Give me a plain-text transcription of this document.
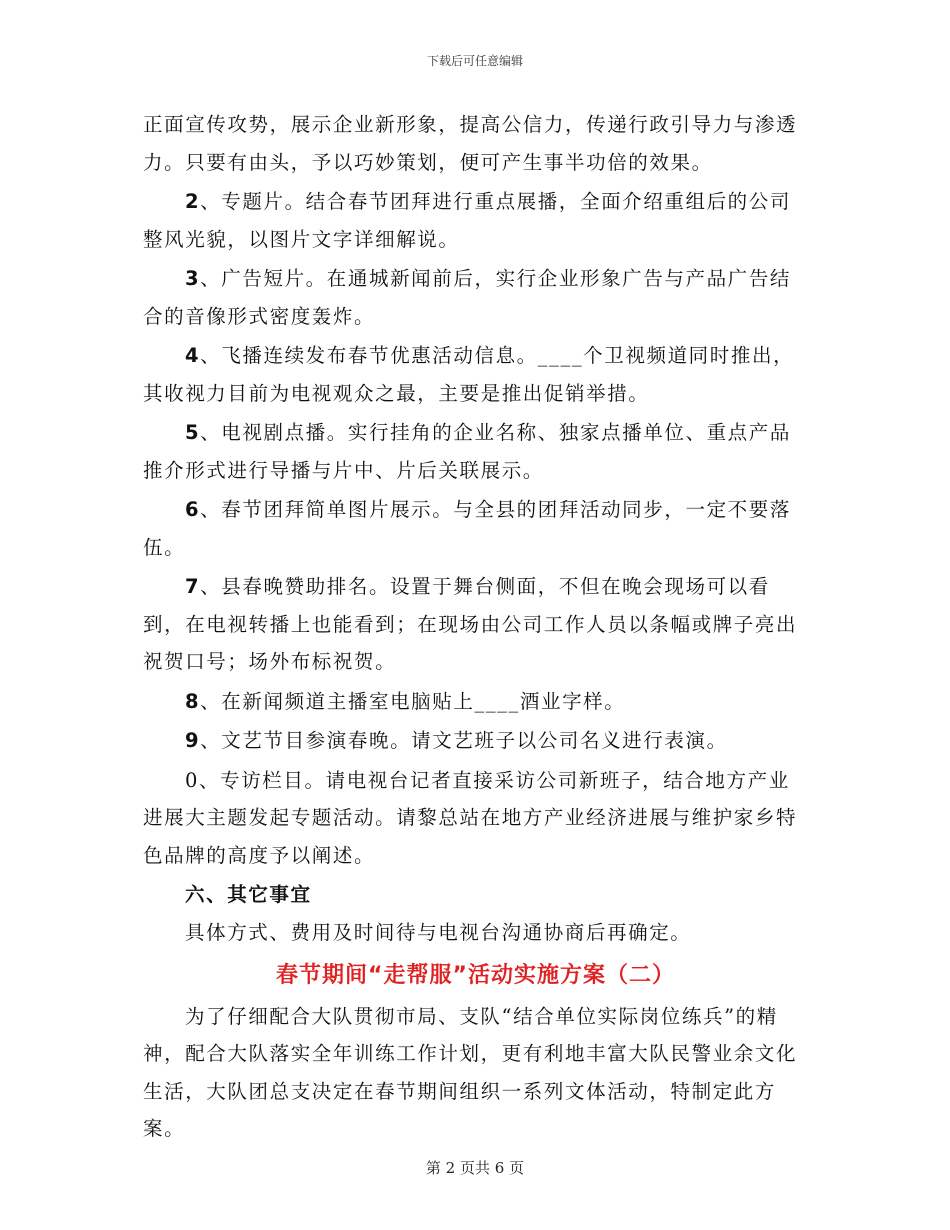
下载后可任意编辑

正面宣传攻势，展示企业新形象，提高公信力，传递行政引导力与渗透力。只要有由头，予以巧妙策划，便可产生事半功倍的效果。

2、专题片。结合春节团拜进行重点展播，全面介绍重组后的公司整风光貌，以图片文字详细解说。

3、广告短片。在通城新闻前后，实行企业形象广告与产品广告结合的音像形式密度轰炸。

4、飞播连续发布春节优惠活动信息。____个卫视频道同时推出，其收视力目前为电视观众之最，主要是推出促销举措。

5、电视剧点播。实行挂角的企业名称、独家点播单位、重点产品推介形式进行导播与片中、片后关联展示。

6、春节团拜简单图片展示。与全县的团拜活动同步，一定不要落伍。

7、县春晚赞助排名。设置于舞台侧面，不但在晚会现场可以看到，在电视转播上也能看到；在现场由公司工作人员以条幅或牌子亮出祝贺口号；场外布标祝贺。

8、在新闻频道主播室电脑贴上____酒业字样。

9、文艺节目参演春晚。请文艺班子以公司名义进行表演。

0、专访栏目。请电视台记者直接采访公司新班子，结合地方产业进展大主题发起专题活动。请黎总站在地方产业经济进展与维护家乡特色品牌的高度予以阐述。

六、其它事宜

具体方式、费用及时间待与电视台沟通协商后再确定。

春节期间“走帮服”活动实施方案（二）

为了仔细配合大队贯彻市局、支队“结合单位实际岗位练兵”的精神，配合大队落实全年训练工作计划，更有利地丰富大队民警业余文化生活，大队团总支决定在春节期间组织一系列文体活动，特制定此方案。

第 2 页共 6 页
